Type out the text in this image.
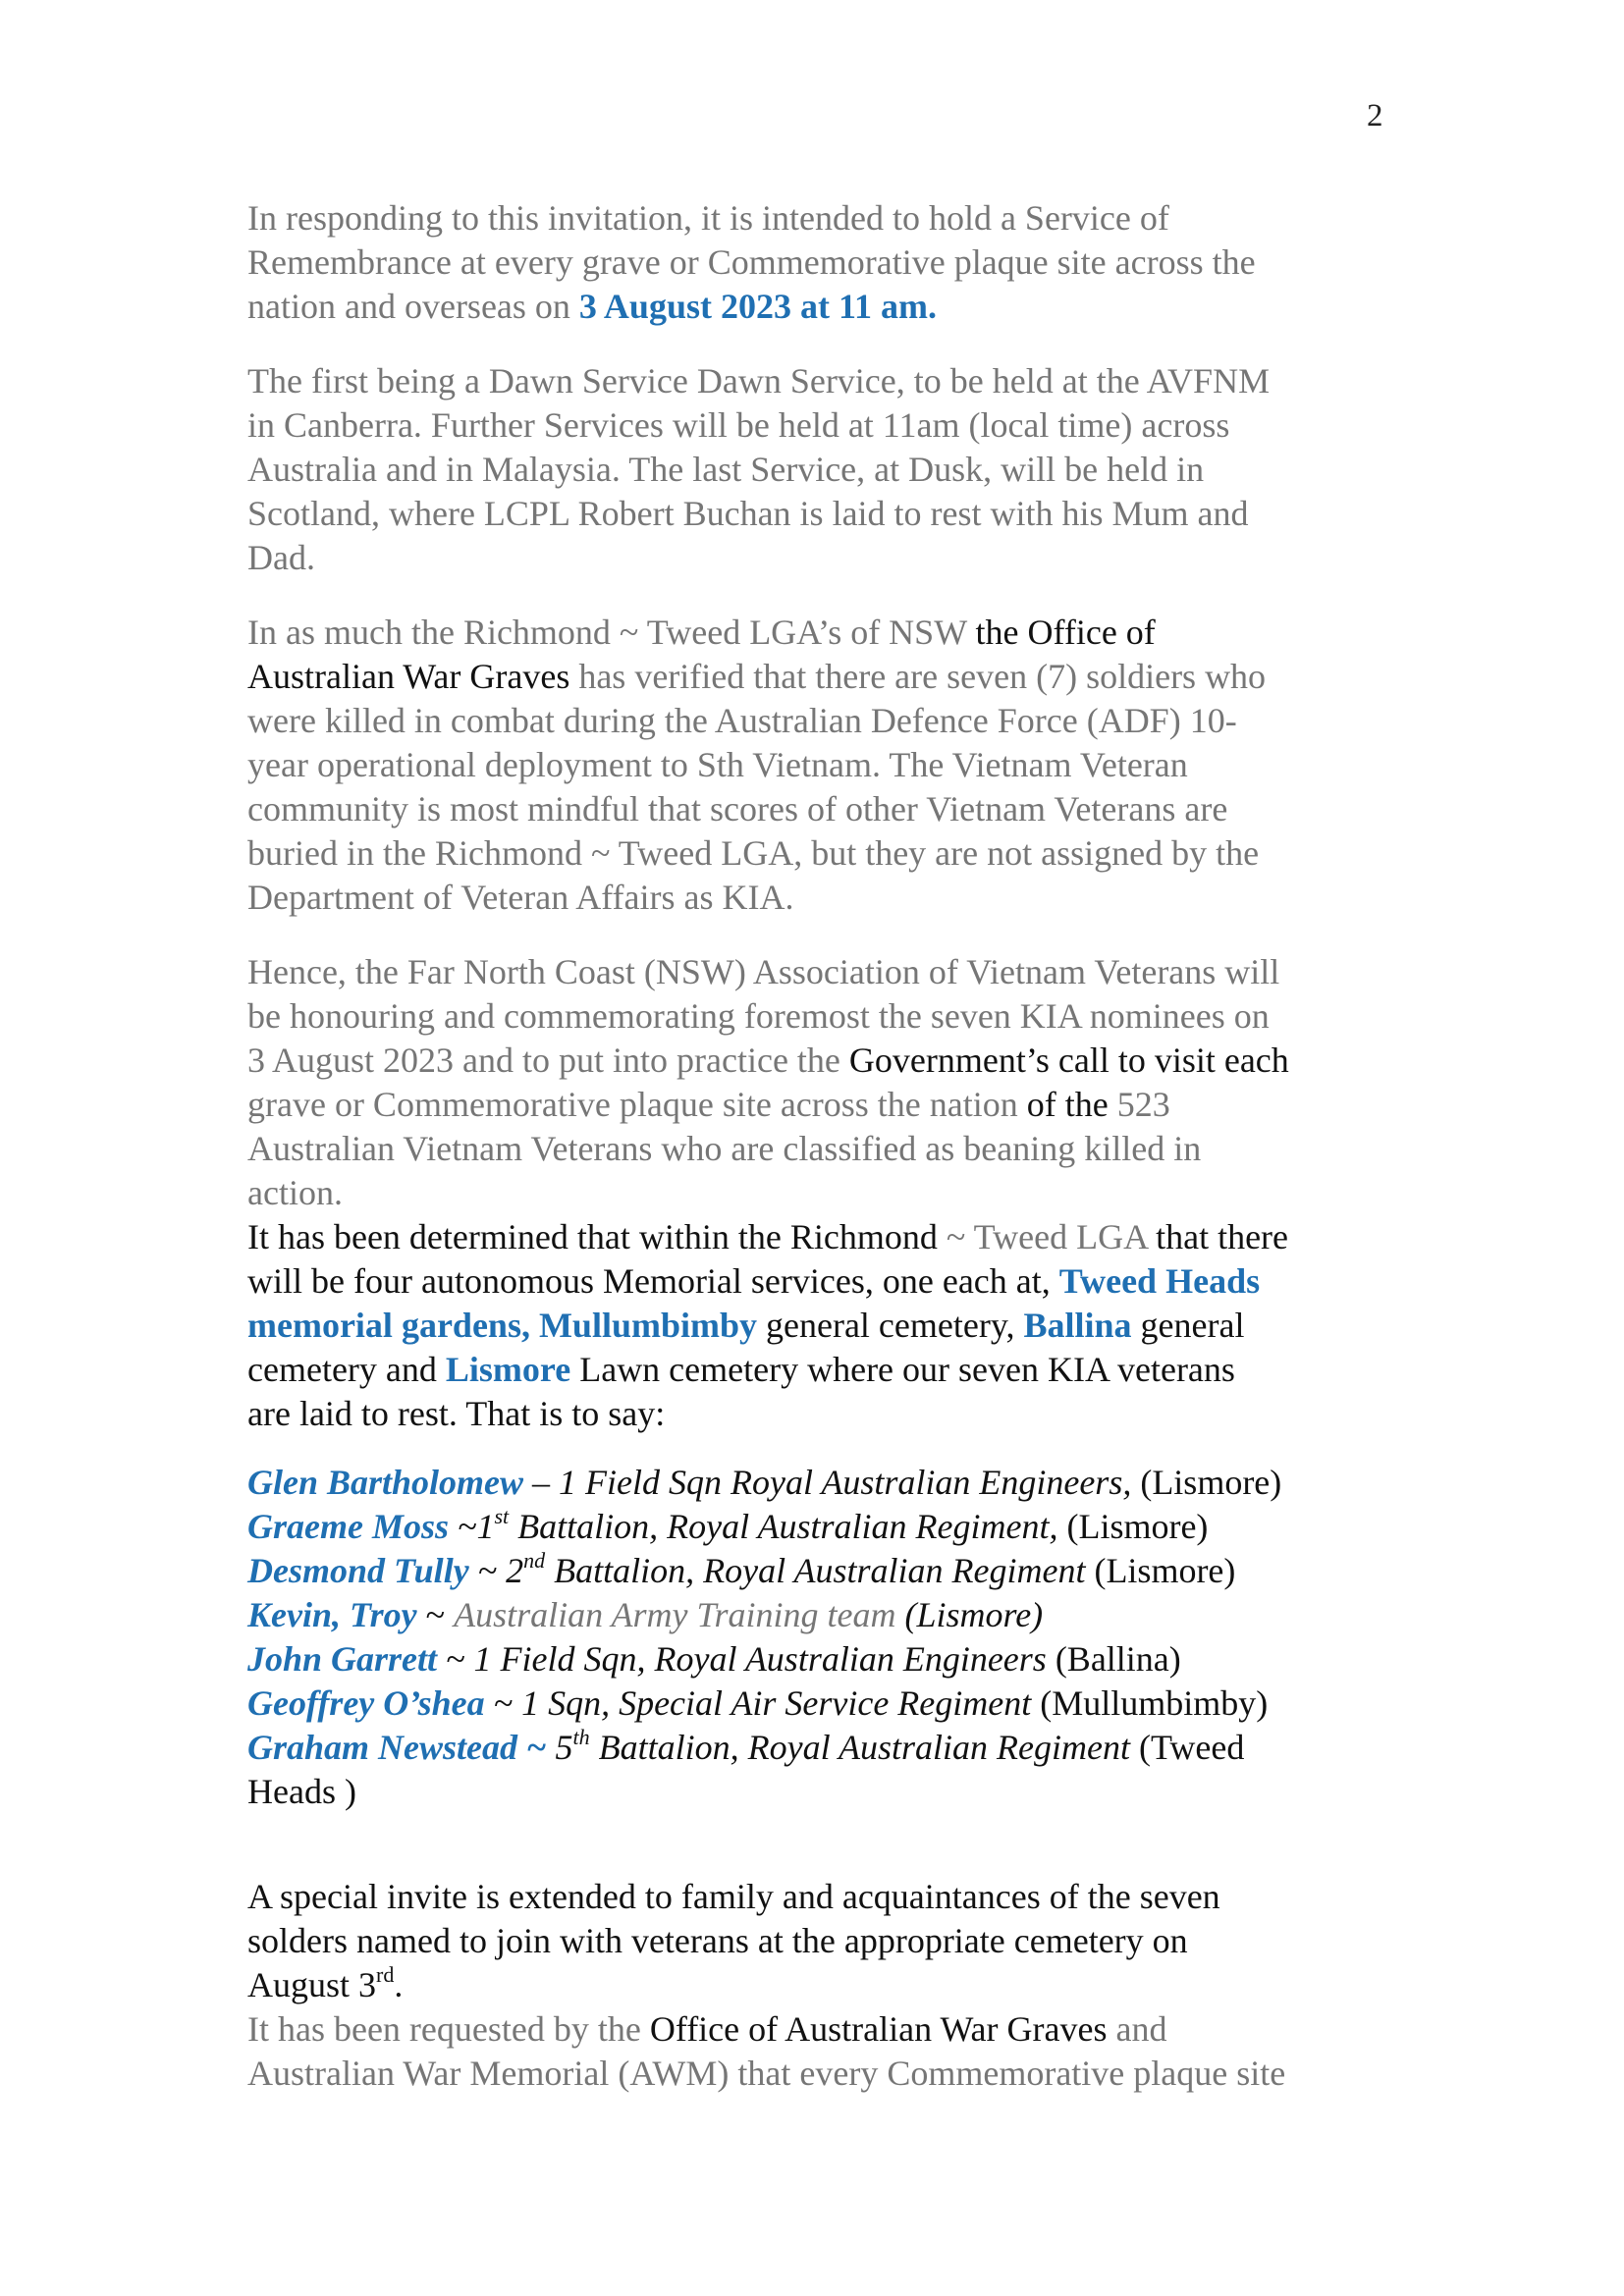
2
In responding to this invitation, it is intended to hold a Service of
Remembrance at every grave or Commemorative plaque site across the
nation and overseas on 3 August 2023 at 11 am.
The first being a Dawn Service Dawn Service, to be held at the AVFNM
in Canberra. Further Services will be held at 11am (local time) across
Australia and in Malaysia. The last Service, at Dusk, will be held in
Scotland, where LCPL Robert Buchan is laid to rest with his Mum and
Dad.
In as much the Richmond ~ Tweed LGA’s of NSW the Office of
Australian War Graves has verified that there are seven (7) soldiers who
were killed in combat during the Australian Defence Force (ADF) 10-
year operational deployment to Sth Vietnam. The Vietnam Veteran
community is most mindful that scores of other Vietnam Veterans are
buried in the Richmond ~ Tweed LGA, but they are not assigned by the
Department of Veteran Affairs as KIA.
Hence, the Far North Coast (NSW) Association of Vietnam Veterans will
be honouring and commemorating foremost the seven KIA nominees on
3 August 2023 and to put into practice the Government’s call to visit each
grave or Commemorative plaque site across the nation of the 523
Australian Vietnam Veterans who are classified as beaning killed in
action.
It has been determined that within the Richmond ~ Tweed LGA that there
will be four autonomous Memorial services, one each at, Tweed Heads
memorial gardens, Mullumbimby general cemetery, Ballina general
cemetery and Lismore Lawn cemetery where our seven KIA veterans
are laid to rest. That is to say:
Glen Bartholomew – 1 Field Sqn Royal Australian Engineers, (Lismore)
Graeme Moss ~1st Battalion, Royal Australian Regiment, (Lismore)
Desmond Tully ~ 2nd Battalion, Royal Australian Regiment (Lismore)
Kevin, Troy ~ Australian Army Training team (Lismore)
John Garrett ~ 1 Field Sqn, Royal Australian Engineers (Ballina)
Geoffrey O’shea ~ 1 Sqn, Special Air Service Regiment (Mullumbimby)
Graham Newstead ~ 5th Battalion, Royal Australian Regiment (Tweed
Heads )
A special invite is extended to family and acquaintances of the seven
solders named to join with veterans at the appropriate cemetery on
August 3rd.
It has been requested by the Office of Australian War Graves and
Australian War Memorial (AWM) that every Commemorative plaque site
